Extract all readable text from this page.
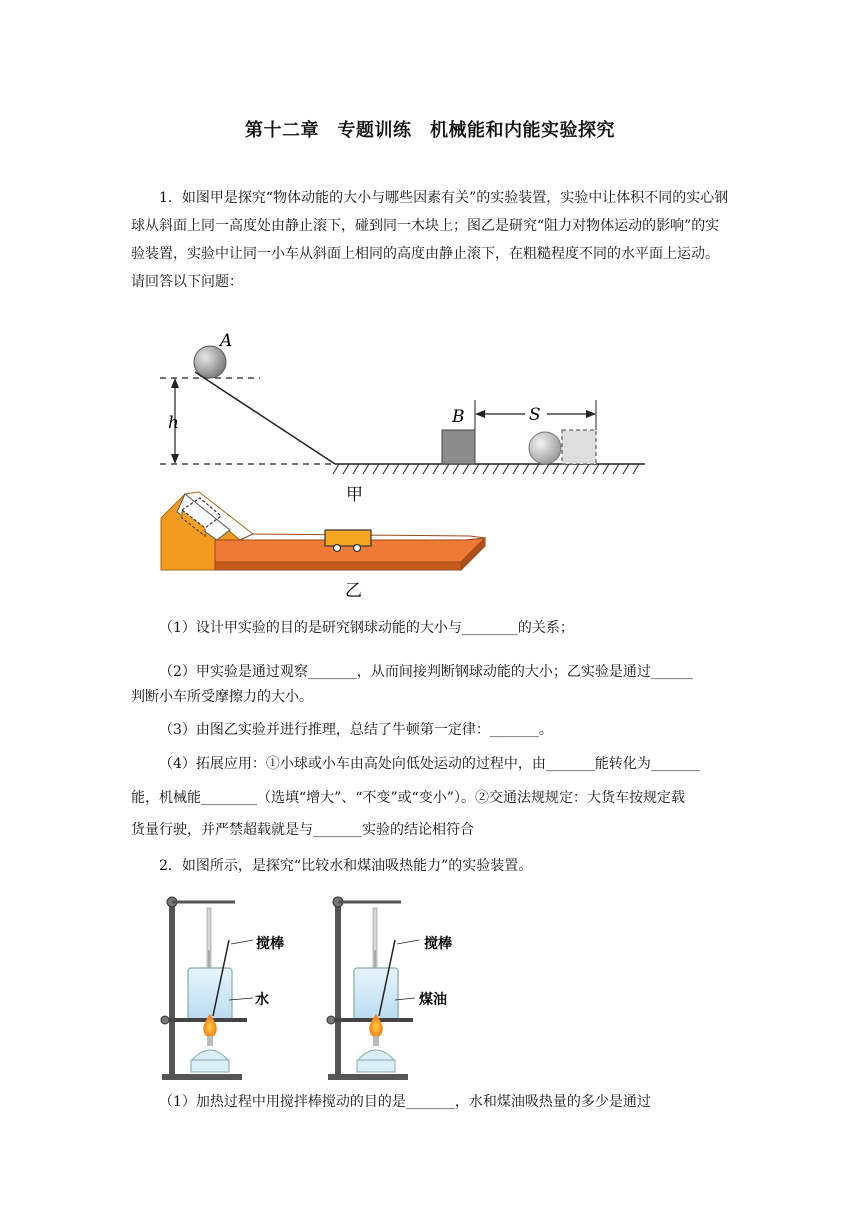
第十二章　专题训练　机械能和内能实验探究
1．如图甲是探究“物体动能的大小与哪些因素有关”的实验装置，实验中让体积不同的实心钢球从斜面上同一高度处由静止滚下，碰到同一木块上；图乙是研究“阻力对物体运动的影响”的实验装置，实验中让同一小车从斜面上相同的高度由静止滚下，在粗糙程度不同的水平面上运动。请回答以下问题：
h
A
B	S
甲
乙
（1）设计甲实验的目的是研究钢球动能的大小与________的关系；
（2）甲实验是通过观察_______，从而间接判断钢球动能的大小；乙实验是通过______
判断小车所受摩擦力的大小。
（3）由图乙实验并进行推理，总结了牛顿第一定律：_______。
（4）拓展应用：①小球或小车由高处向低处运动的过程中，由_______能转化为_______
能，机械能________（选填“增大”、“不变”或“变小”）。②交通法规规定：大货车按规定载
货量行驶，并严禁超载就是与_______实验的结论相符合
2．如图所示，是探究“比较水和煤油吸热能力”的实验装置。
搅棒
水
搅棒
煤油
（1）加热过程中用搅拌棒搅动的目的是_______，水和煤油吸热量的多少是通过
